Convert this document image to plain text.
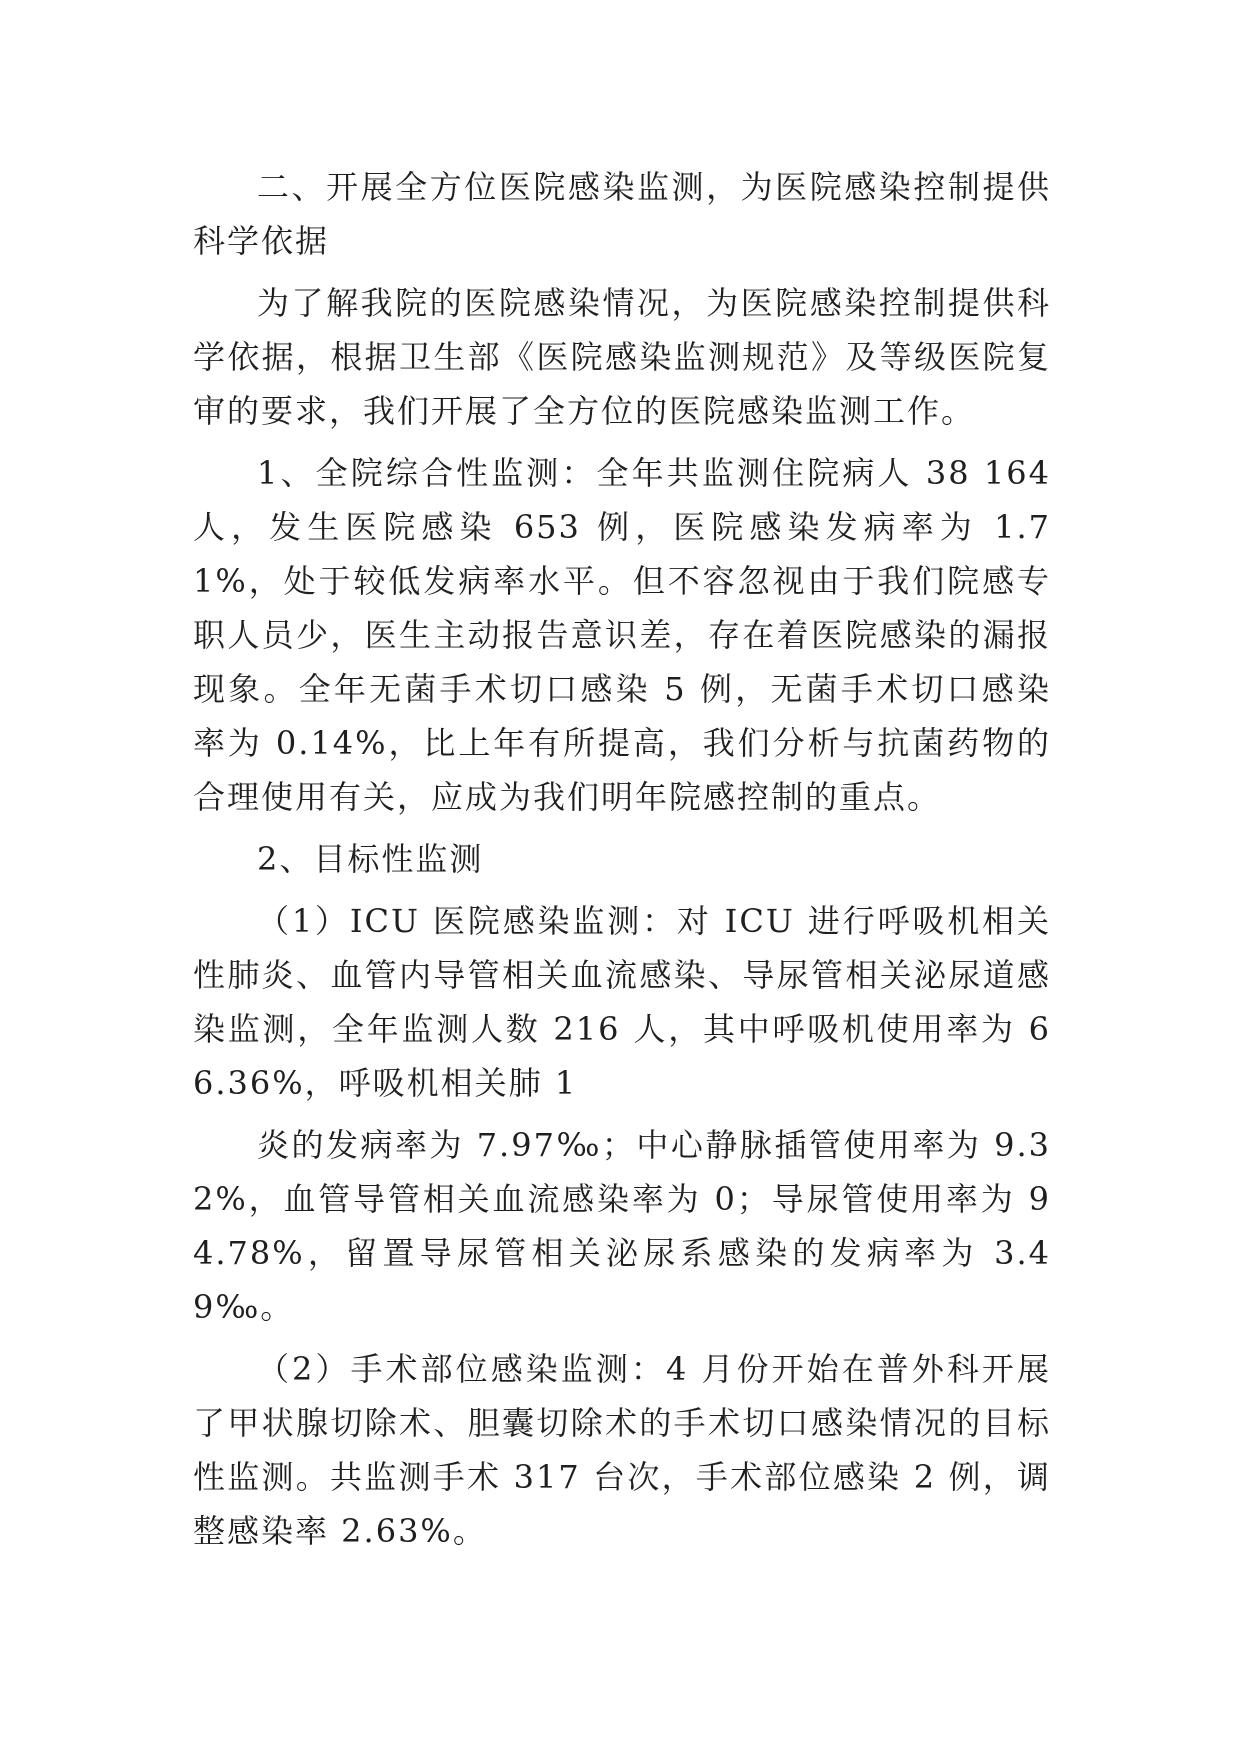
二、开展全方位医院感染监测，为医院感染控制提供科学依据

为了解我院的医院感染情况，为医院感染控制提供科学依据，根据卫生部《医院感染监测规范》及等级医院复审的要求，我们开展了全方位的医院感染监测工作。

1、全院综合性监测：全年共监测住院病人 38 164 人，发生医院感染 653 例，医院感染发病率为 1.71%，处于较低发病率水平。但不容忽视由于我们院感专职人员少，医生主动报告意识差，存在着医院感染的漏报现象。全年无菌手术切口感染 5 例，无菌手术切口感染率为 0.14%，比上年有所提高，我们分析与抗菌药物的合理使用有关，应成为我们明年院感控制的重点。

2、目标性监测

（1）ICU 医院感染监测：对 ICU 进行呼吸机相关性肺炎、血管内导管相关血流感染、导尿管相关泌尿道感染监测，全年监测人数 216 人，其中呼吸机使用率为 66.36%，呼吸机相关肺 1

炎的发病率为 7.97‰；中心静脉插管使用率为 9.32%，血管导管相关血流感染率为 0；导尿管使用率为 94.78%，留置导尿管相关泌尿系感染的发病率为 3.49‰。

（2）手术部位感染监测：4 月份开始在普外科开展了甲状腺切除术、胆囊切除术的手术切口感染情况的目标性监测。共监测手术 317 台次，手术部位感染 2 例，调整感染率 2.63%。
